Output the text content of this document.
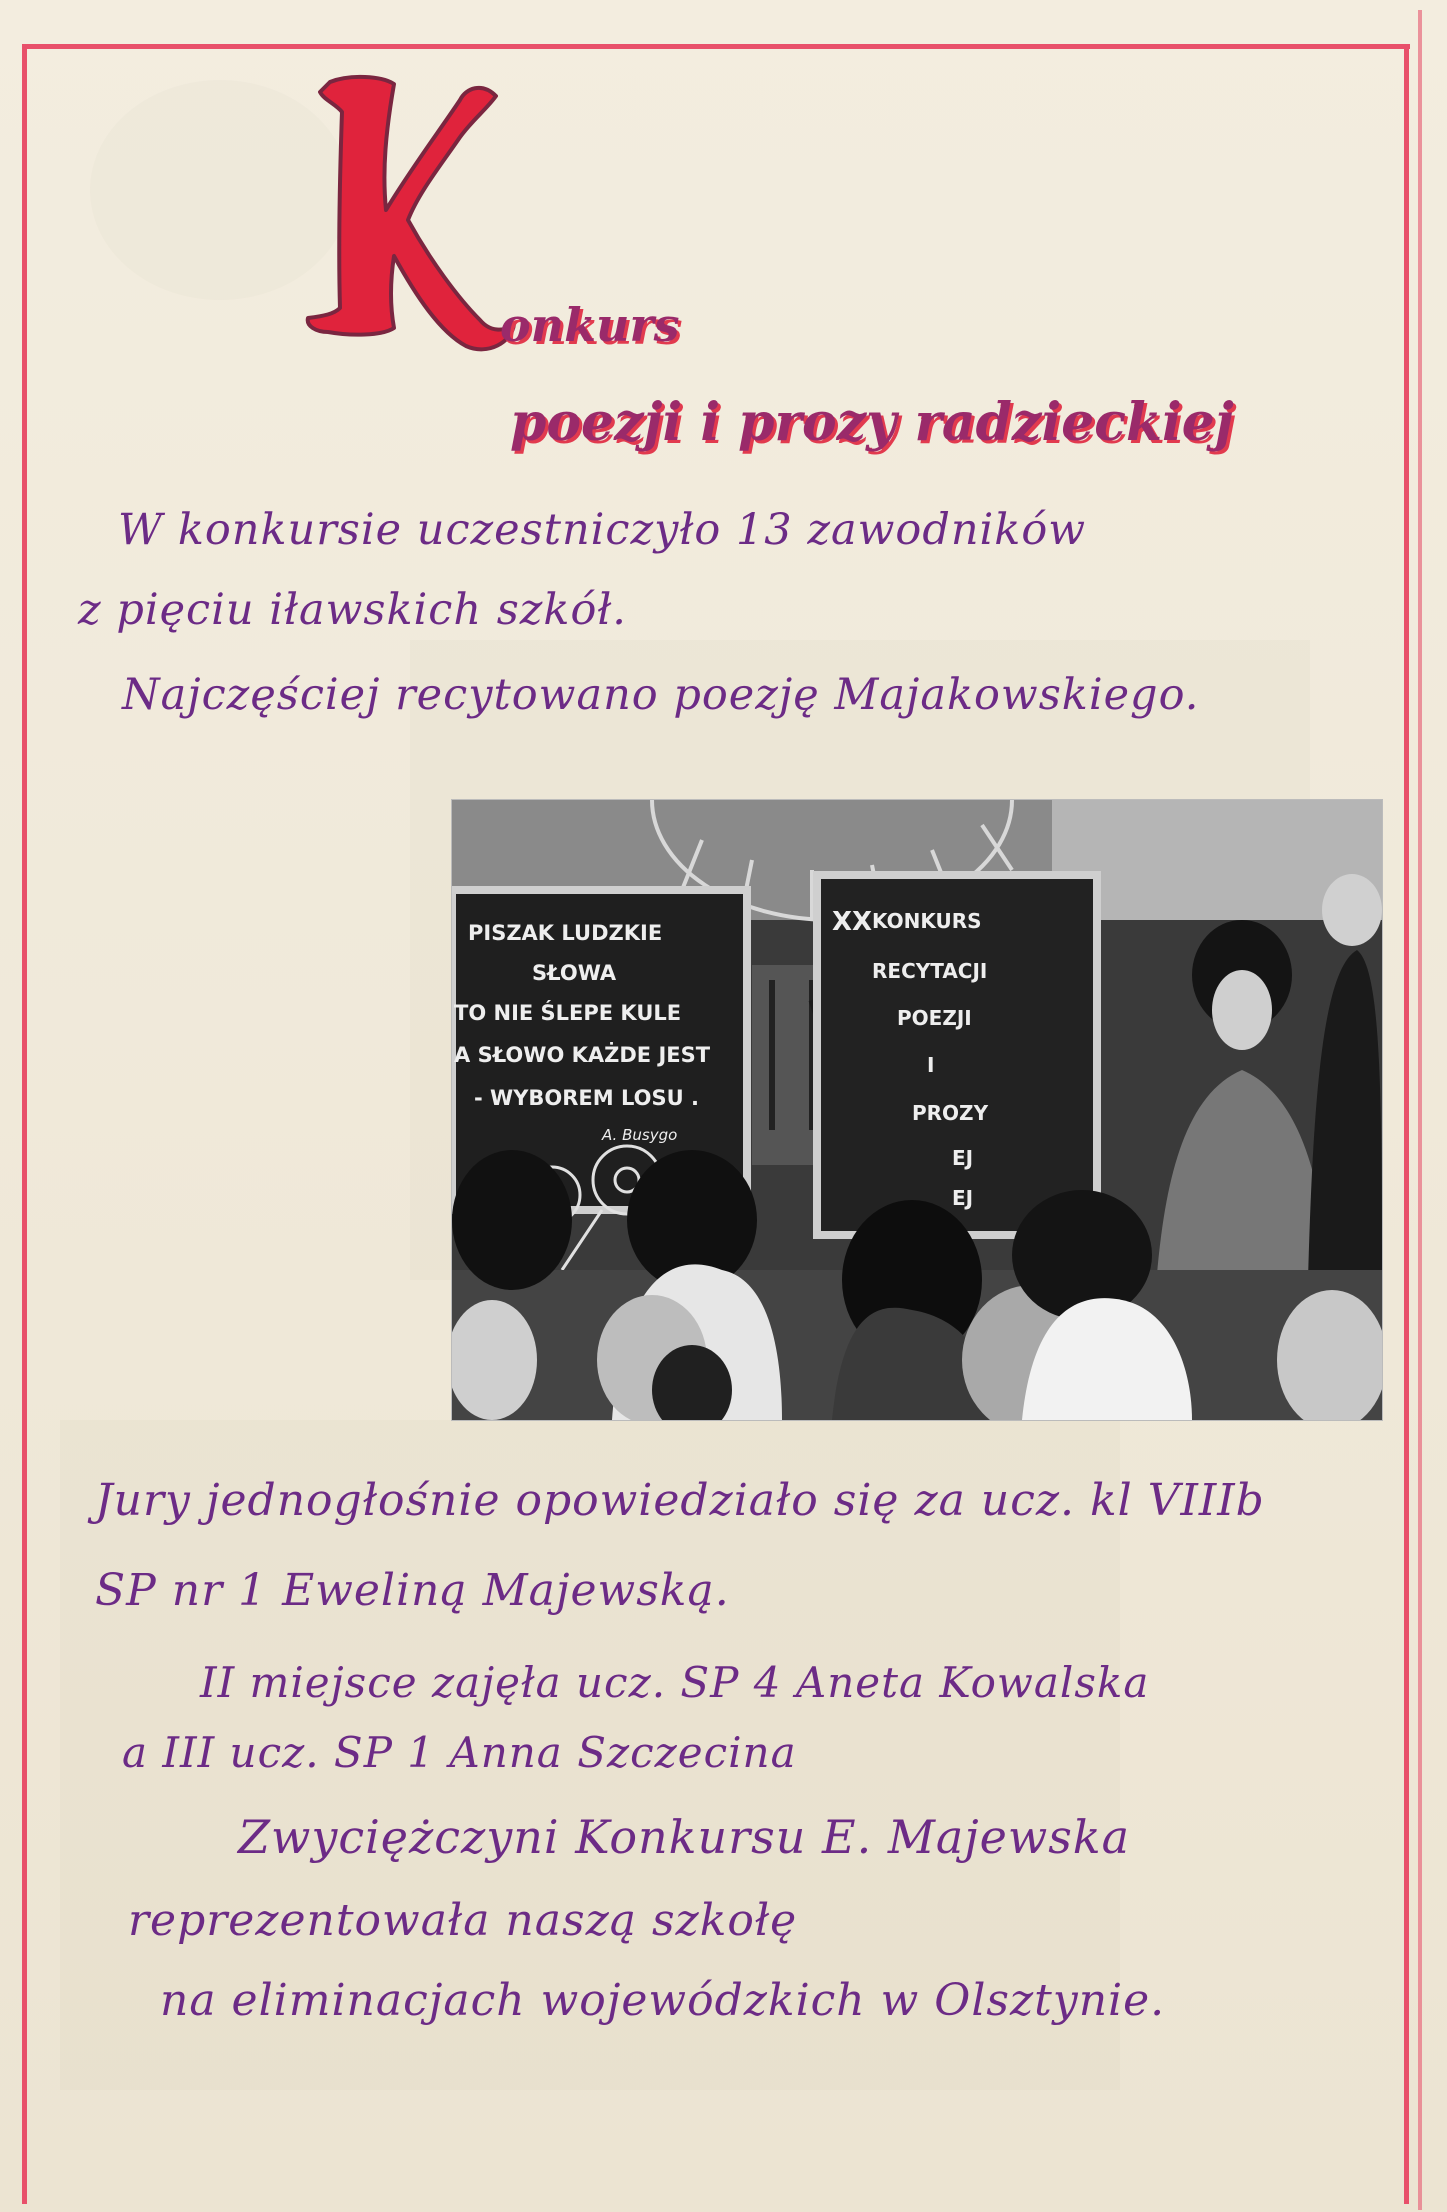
onkurs
poezji i prozy radzieckiej
W konkursie uczestniczyło 13 zawodników
z pięciu iławskich szkół.
Najczęściej recytowano poezję Majakowskiego.
PISZAK LUDZKIE
SŁOWA
TO NIE ŚLEPE KULE
A SŁOWO KAŻDE JEST
- WYBOREM LOSU .
A. Busygo
XX KONKURS
RECYTACJI
POEZJI
I
PROZY
EJ
EJ
Jury jednogłośnie opowiedziało się za ucz. kl VIIIb
SP nr 1 Eweliną Majewską.
II miejsce zajęła ucz. SP 4 Aneta Kowalska
a III ucz. SP 1 Anna Szczecina
Zwyciężczyni Konkursu E. Majewska
reprezentowała naszą szkołę
na eliminacjach wojewódzkich w Olsztynie.
